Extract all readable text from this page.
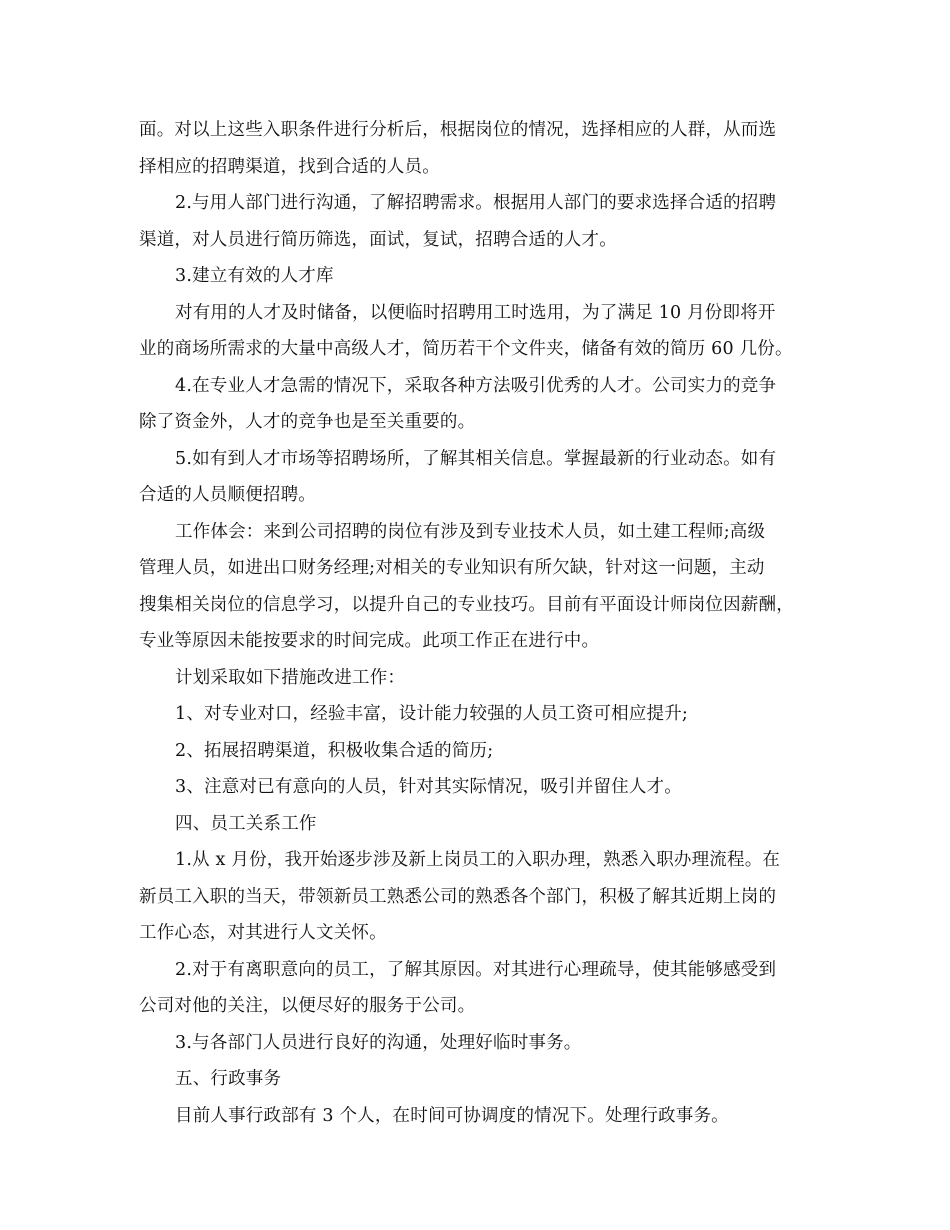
面。对以上这些入职条件进行分析后，根据岗位的情况，选择相应的人群，从而选
择相应的招聘渠道，找到合适的人员。
2.与用人部门进行沟通，了解招聘需求。根据用人部门的要求选择合适的招聘
渠道，对人员进行简历筛选，面试，复试，招聘合适的人才。
3.建立有效的人才库
对有用的人才及时储备，以便临时招聘用工时选用，为了满足 10 月份即将开
业的商场所需求的大量中高级人才，简历若干个文件夹，储备有效的简历 60 几份。
4.在专业人才急需的情况下，采取各种方法吸引优秀的人才。公司实力的竞争
除了资金外，人才的竞争也是至关重要的。
5.如有到人才市场等招聘场所，了解其相关信息。掌握最新的行业动态。如有
合适的人员顺便招聘。
工作体会：来到公司招聘的岗位有涉及到专业技术人员，如土建工程师;高级
管理人员，如进出口财务经理;对相关的专业知识有所欠缺，针对这一问题，主动
搜集相关岗位的信息学习，以提升自己的专业技巧。目前有平面设计师岗位因薪酬，
专业等原因未能按要求的时间完成。此项工作正在进行中。
计划采取如下措施改进工作：
1、对专业对口，经验丰富，设计能力较强的人员工资可相应提升;
2、拓展招聘渠道，积极收集合适的简历;
3、注意对已有意向的人员，针对其实际情况，吸引并留住人才。
四、员工关系工作
1.从 x 月份，我开始逐步涉及新上岗员工的入职办理，熟悉入职办理流程。在
新员工入职的当天，带领新员工熟悉公司的熟悉各个部门，积极了解其近期上岗的
工作心态，对其进行人文关怀。
2.对于有离职意向的员工，了解其原因。对其进行心理疏导，使其能够感受到
公司对他的关注，以便尽好的服务于公司。
3.与各部门人员进行良好的沟通，处理好临时事务。
五、行政事务
目前人事行政部有 3 个人，在时间可协调度的情况下。处理行政事务。
